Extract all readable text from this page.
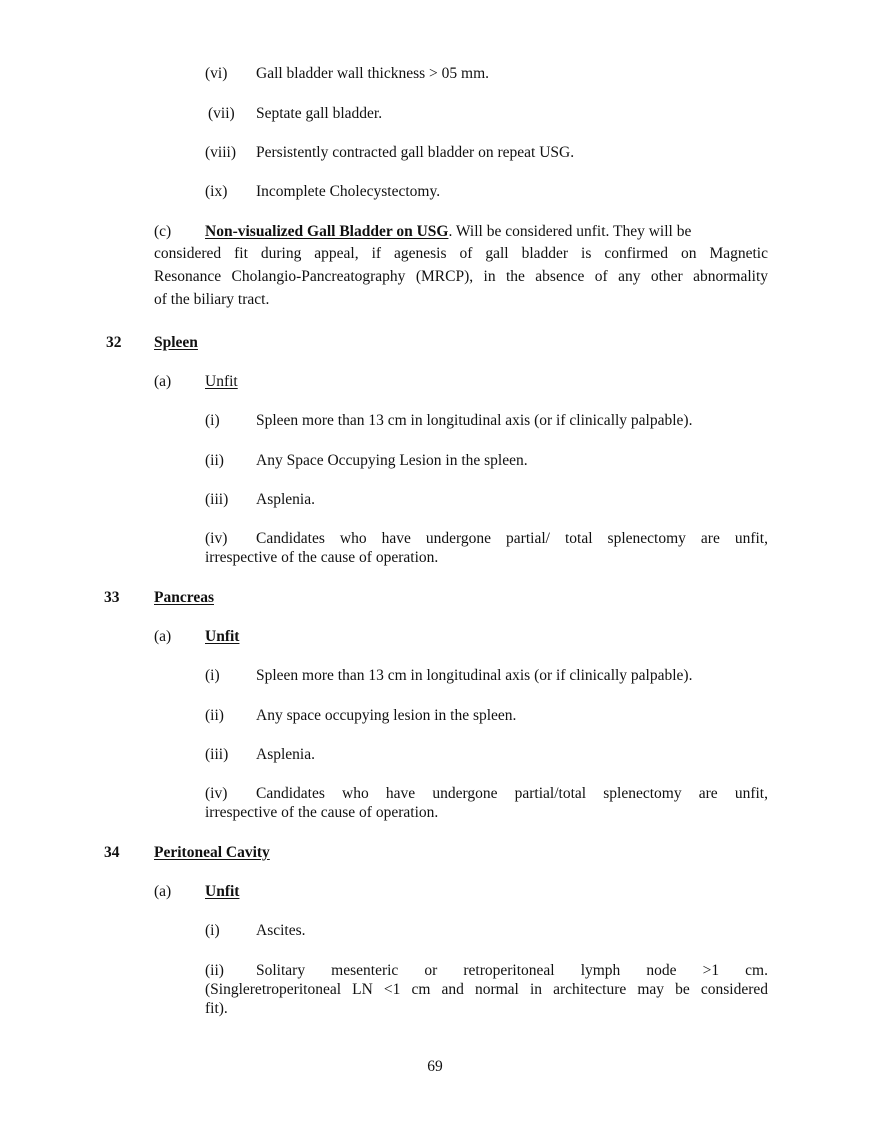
(vi)	Gall bladder wall thickness > 05 mm.
(vii)	Septate gall bladder.
(viii)	Persistently contracted gall bladder on repeat USG.
(ix)	Incomplete Cholecystectomy.
(c)	Non-visualized Gall Bladder on USG. Will be considered unfit. They will be
considered fit during appeal, if agenesis of gall bladder is confirmed on Magnetic
Resonance Cholangio-Pancreatography (MRCP), in the absence of any other abnormality
of the biliary tract.
32	Spleen
(a)	Unfit
(i)	Spleen more than 13 cm in longitudinal axis (or if clinically palpable).
(ii)	Any Space Occupying Lesion in the spleen.
(iii)	Asplenia.
(iv)	Candidates who have undergone partial/ total splenectomy are unfit,
irrespective of the cause of operation.
33	Pancreas
(a)	Unfit
(i)	Spleen more than 13 cm in longitudinal axis (or if clinically palpable).
(ii)	Any space occupying lesion in the spleen.
(iii)	Asplenia.
(iv)	Candidates who have undergone partial/total splenectomy are unfit,
irrespective of the cause of operation.
34	Peritoneal Cavity
(a)	Unfit
(i)	Ascites.
(ii)	Solitary mesenteric or retroperitoneal lymph node >1 cm.
(Singleretroperitoneal LN <1 cm and normal in architecture may be considered
fit).
69
